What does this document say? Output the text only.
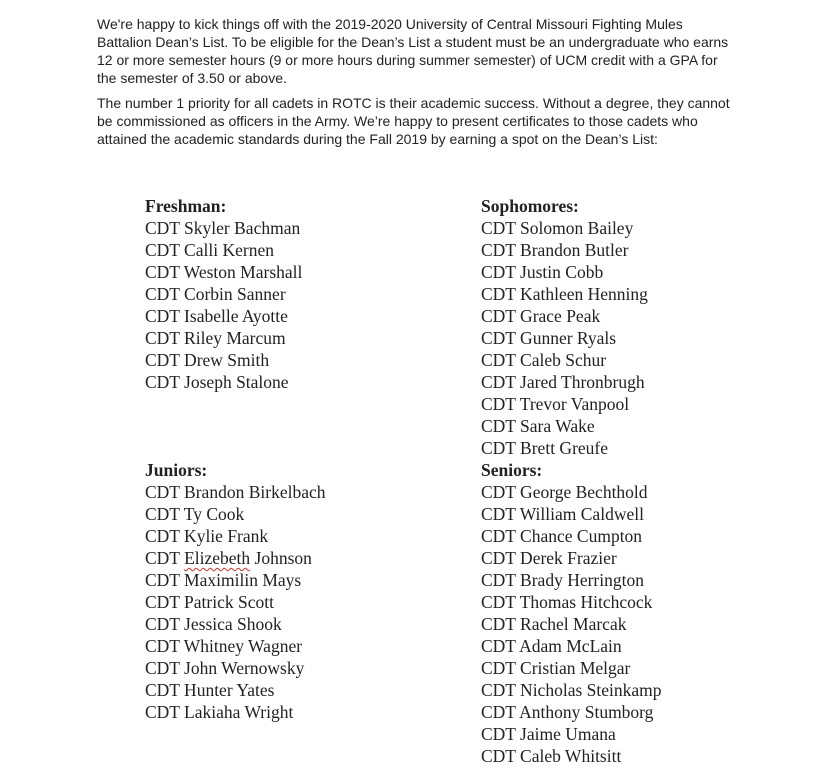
We're happy to kick things off with the 2019-2020 University of Central Missouri Fighting Mules Battalion Dean’s List. To be eligible for the Dean’s List a student must be an undergraduate who earns 12 or more semester hours (9 or more hours during summer semester) of UCM credit with a GPA for the semester of 3.50 or above.

The number 1 priority for all cadets in ROTC is their academic success. Without a degree, they cannot be commissioned as officers in the Army. We’re happy to present certificates to those cadets who attained the academic standards during the Fall 2019 by earning a spot on the Dean’s List:

Freshman:
CDT Skyler Bachman
CDT Calli Kernen
CDT Weston Marshall
CDT Corbin Sanner
CDT Isabelle Ayotte
CDT Riley Marcum
CDT Drew Smith
CDT Joseph Stalone
Sophomores:
CDT Solomon Bailey
CDT Brandon Butler
CDT Justin Cobb
CDT Kathleen Henning
CDT Grace Peak
CDT Gunner Ryals
CDT Caleb Schur
CDT Jared Thronbrugh
CDT Trevor Vanpool
CDT Sara Wake
CDT Brett Greufe
Juniors:
CDT Brandon Birkelbach
CDT Ty Cook
CDT Kylie Frank
CDT Elizebeth Johnson
CDT Maximilin Mays
CDT Patrick Scott
CDT Jessica Shook
CDT Whitney Wagner
CDT John Wernowsky
CDT Hunter Yates
CDT Lakiaha Wright
Seniors:
CDT George Bechthold
CDT William Caldwell
CDT Chance Cumpton
CDT Derek Frazier
CDT Brady Herrington
CDT Thomas Hitchcock
CDT Rachel Marcak
CDT Adam McLain
CDT Cristian Melgar
CDT Nicholas Steinkamp
CDT Anthony Stumborg
CDT Jaime Umana
CDT Caleb Whitsitt
